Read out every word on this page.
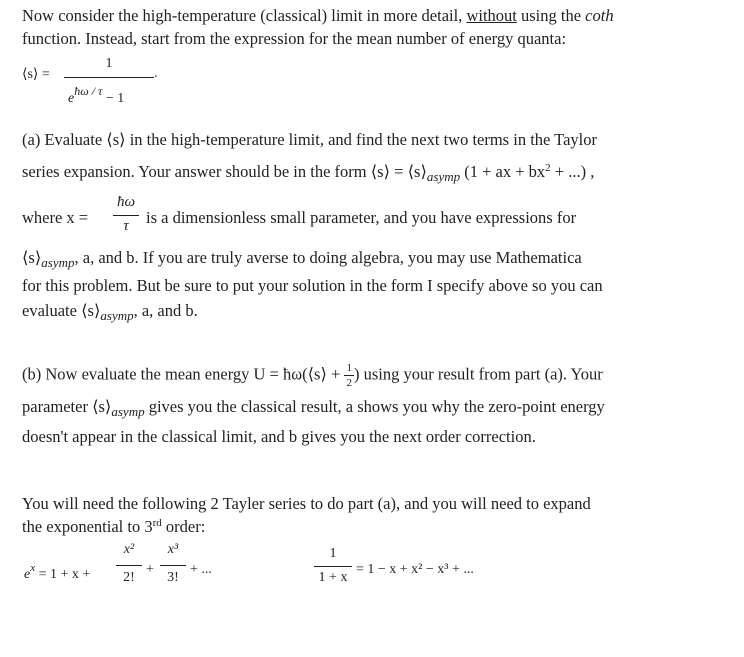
Now consider the high-temperature (classical) limit in more detail, without using the coth
function. Instead, start from the expression for the mean number of energy quanta:
⟨s⟩ =
1
eħω / τ − 1
.
(a) Evaluate ⟨s⟩ in the high-temperature limit, and find the next two terms in the Taylor
series expansion. Your answer should be in the form ⟨s⟩ = $⟨s⟩_{asymp}$ (1 + ax + $bx^2$ + ...) ,
where x =
ħω
τ	is a dimensionless small parameter, and you have expressions for
$⟨s⟩_{asymp}$, a, and b. If you are truly averse to doing algebra, you may use Mathematica
for this problem. But be sure to put your solution in the form I specify above so you can
evaluate $⟨s⟩_{asymp}$, a, and b.
(b) Now evaluate the mean energy U = ħω(⟨s⟩ + $\frac{1}{2}$ ) using your result from part (a). Your
parameter $⟨s⟩_{asymp}$ gives you the classical result, a shows you why the zero-point energy
doesn't appear in the classical limit, and b gives you the next order correction.
You will need the following 2 Tayler series to do part (a), and you will need to expand
the exponential to 3rd order:
$e^x = 1 + x$ +
x²
2!
+
x³
3!
+ ...
1
1 + x
= 1 − x + x² − x³ + ...
